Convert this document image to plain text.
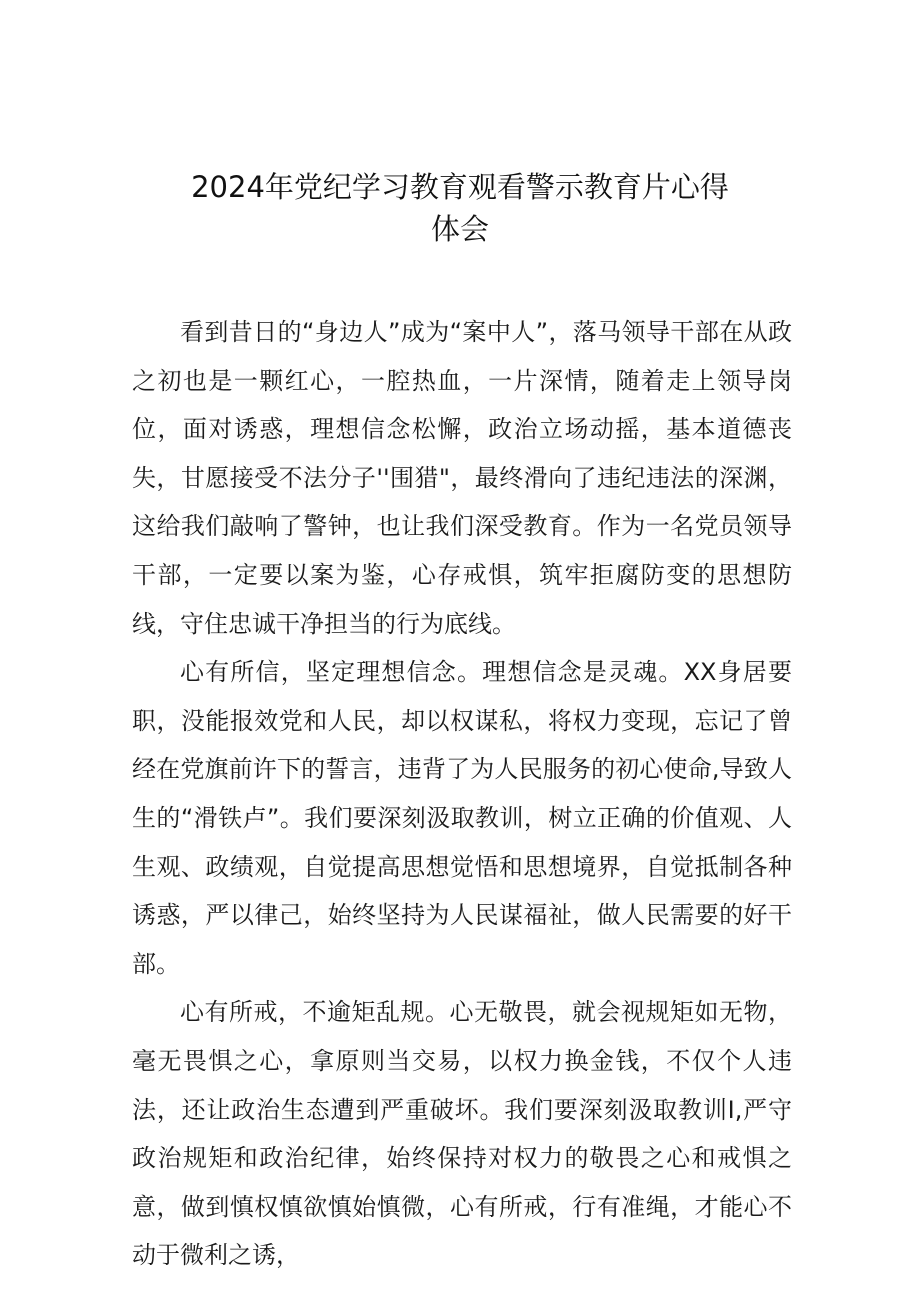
2024年党纪学习教育观看警示教育片心得
体会

看到昔日的“身边人”成为“案中人”，落马领导干部在从政之初也是一颗红心，一腔热血，一片深情，随着走上领导岗位，面对诱惑，理想信念松懈，政治立场动摇，基本道德丧失，甘愿接受不法分子''围猎"，最终滑向了违纪违法的深渊，这给我们敲响了警钟，也让我们深受教育。作为一名党员领导干部，一定要以案为鉴，心存戒惧，筑牢拒腐防变的思想防线，守住忠诚干净担当的行为底线。

心有所信，坚定理想信念。理想信念是灵魂。XX身居要职，没能报效党和人民，却以权谋私，将权力变现，忘记了曾经在党旗前许下的誓言，违背了为人民服务的初心使命,导致人生的“滑铁卢”。我们要深刻汲取教训，树立正确的价值观、人生观、政绩观，自觉提高思想觉悟和思想境界，自觉抵制各种诱惑，严以律己，始终坚持为人民谋福祉，做人民需要的好干部。

心有所戒，不逾矩乱规。心无敬畏，就会视规矩如无物，毫无畏惧之心，拿原则当交易，以权力换金钱，不仅个人违法，还让政治生态遭到严重破坏。我们要深刻汲取教训I,严守政治规矩和政治纪律，始终保持对权力的敬畏之心和戒惧之意，做到慎权慎欲慎始慎微，心有所戒，行有准绳，才能心不动于微利之诱，
